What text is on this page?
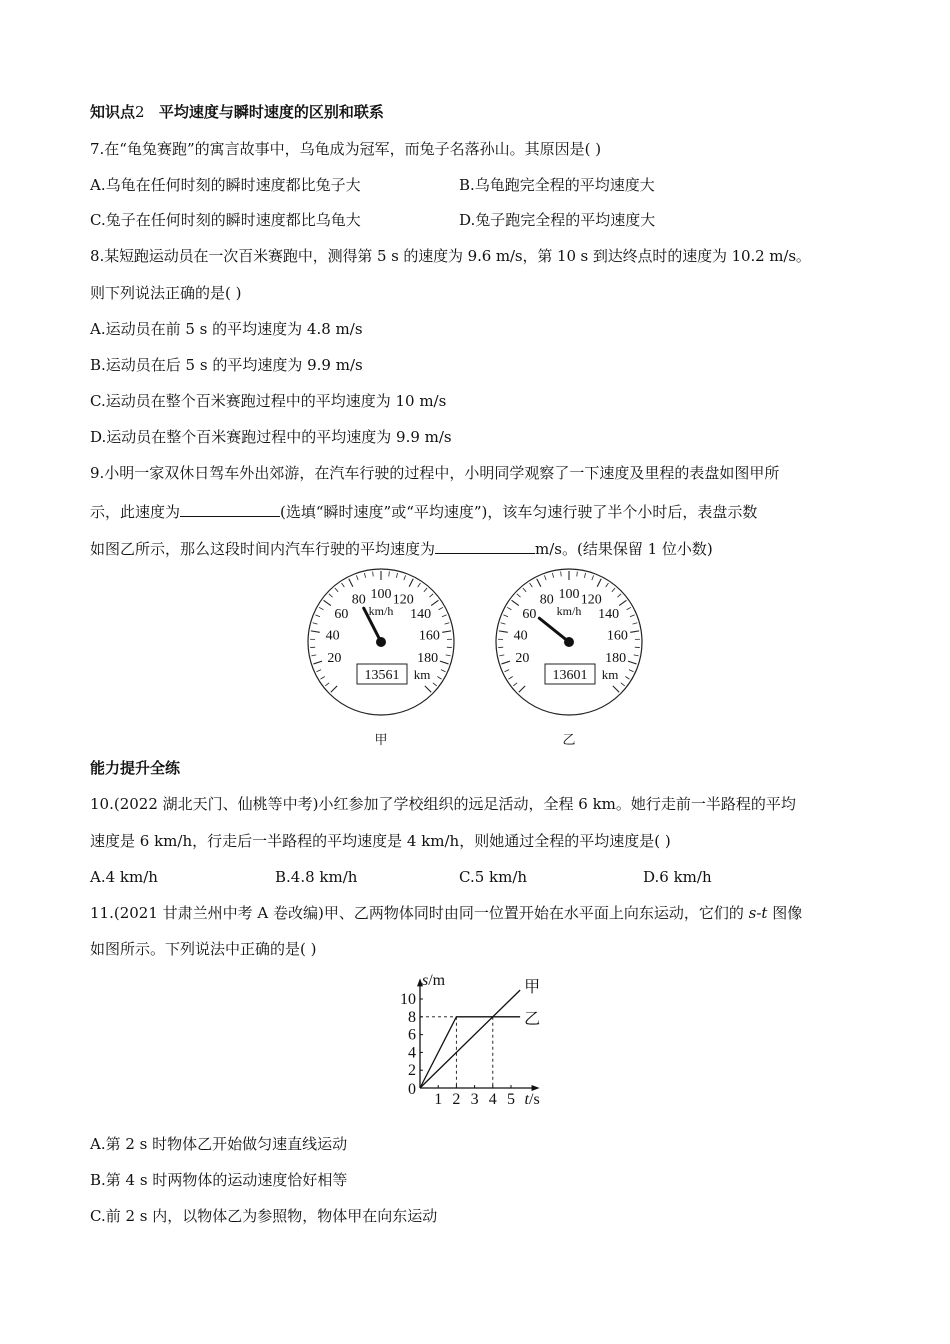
知识点2 平均速度与瞬时速度的区别和联系
7.在“龟兔赛跑”的寓言故事中，乌龟成为冠军，而兔子名落孙山。其原因是( )
A.乌龟在任何时刻的瞬时速度都比兔子大	B.乌龟跑完全程的平均速度大
C.兔子在任何时刻的瞬时速度都比乌龟大	D.兔子跑完全程的平均速度大
8.某短跑运动员在一次百米赛跑中，测得第 5 s 的速度为 9.6 m/s，第 10 s 到达终点时的速度为 10.2 m/s。
则下列说法正确的是( )
A.运动员在前 5 s 的平均速度为 4.8 m/s
B.运动员在后 5 s 的平均速度为 9.9 m/s
C.运动员在整个百米赛跑过程中的平均速度为 10 m/s
D.运动员在整个百米赛跑过程中的平均速度为 9.9 m/s
9.小明一家双休日驾车外出郊游，在汽车行驶的过程中，小明同学观察了一下速度及里程的表盘如图甲所
示，此速度为	(选填“瞬时速度”或“平均速度”)，该车匀速行驶了半个小时后，表盘示数
如图乙所示，那么这段时间内汽车行驶的平均速度为	m/s。(结果保留 1 位小数)
20
40
60
80 100 120
140
160
180
km/h
13561 km
甲
20
40
60
80 100 120
140
160
180
km/h
13601 km
乙
能力提升全练
10.(2022 湖北天门、仙桃等中考)小红参加了学校组织的远足活动，全程 6 km。她行走前一半路程的平均
速度是 6 km/h，行走后一半路程的平均速度是 4 km/h，则她通过全程的平均速度是( )
A.4 km/h	B.4.8 km/h	C.5 km/h	D.6 km/h
11.(2021 甘肃兰州中考 A 卷改编)甲、乙两物体同时由同一位置开始在水平面上向东运动，它们的 s-t 图像
如图所示。下列说法中正确的是( )
1 2 3 4 5
2
4
6
8
10
0
s/m
t/s
甲
乙
A.第 2 s 时物体乙开始做匀速直线运动
B.第 4 s 时两物体的运动速度恰好相等
C.前 2 s 内，以物体乙为参照物，物体甲在向东运动
